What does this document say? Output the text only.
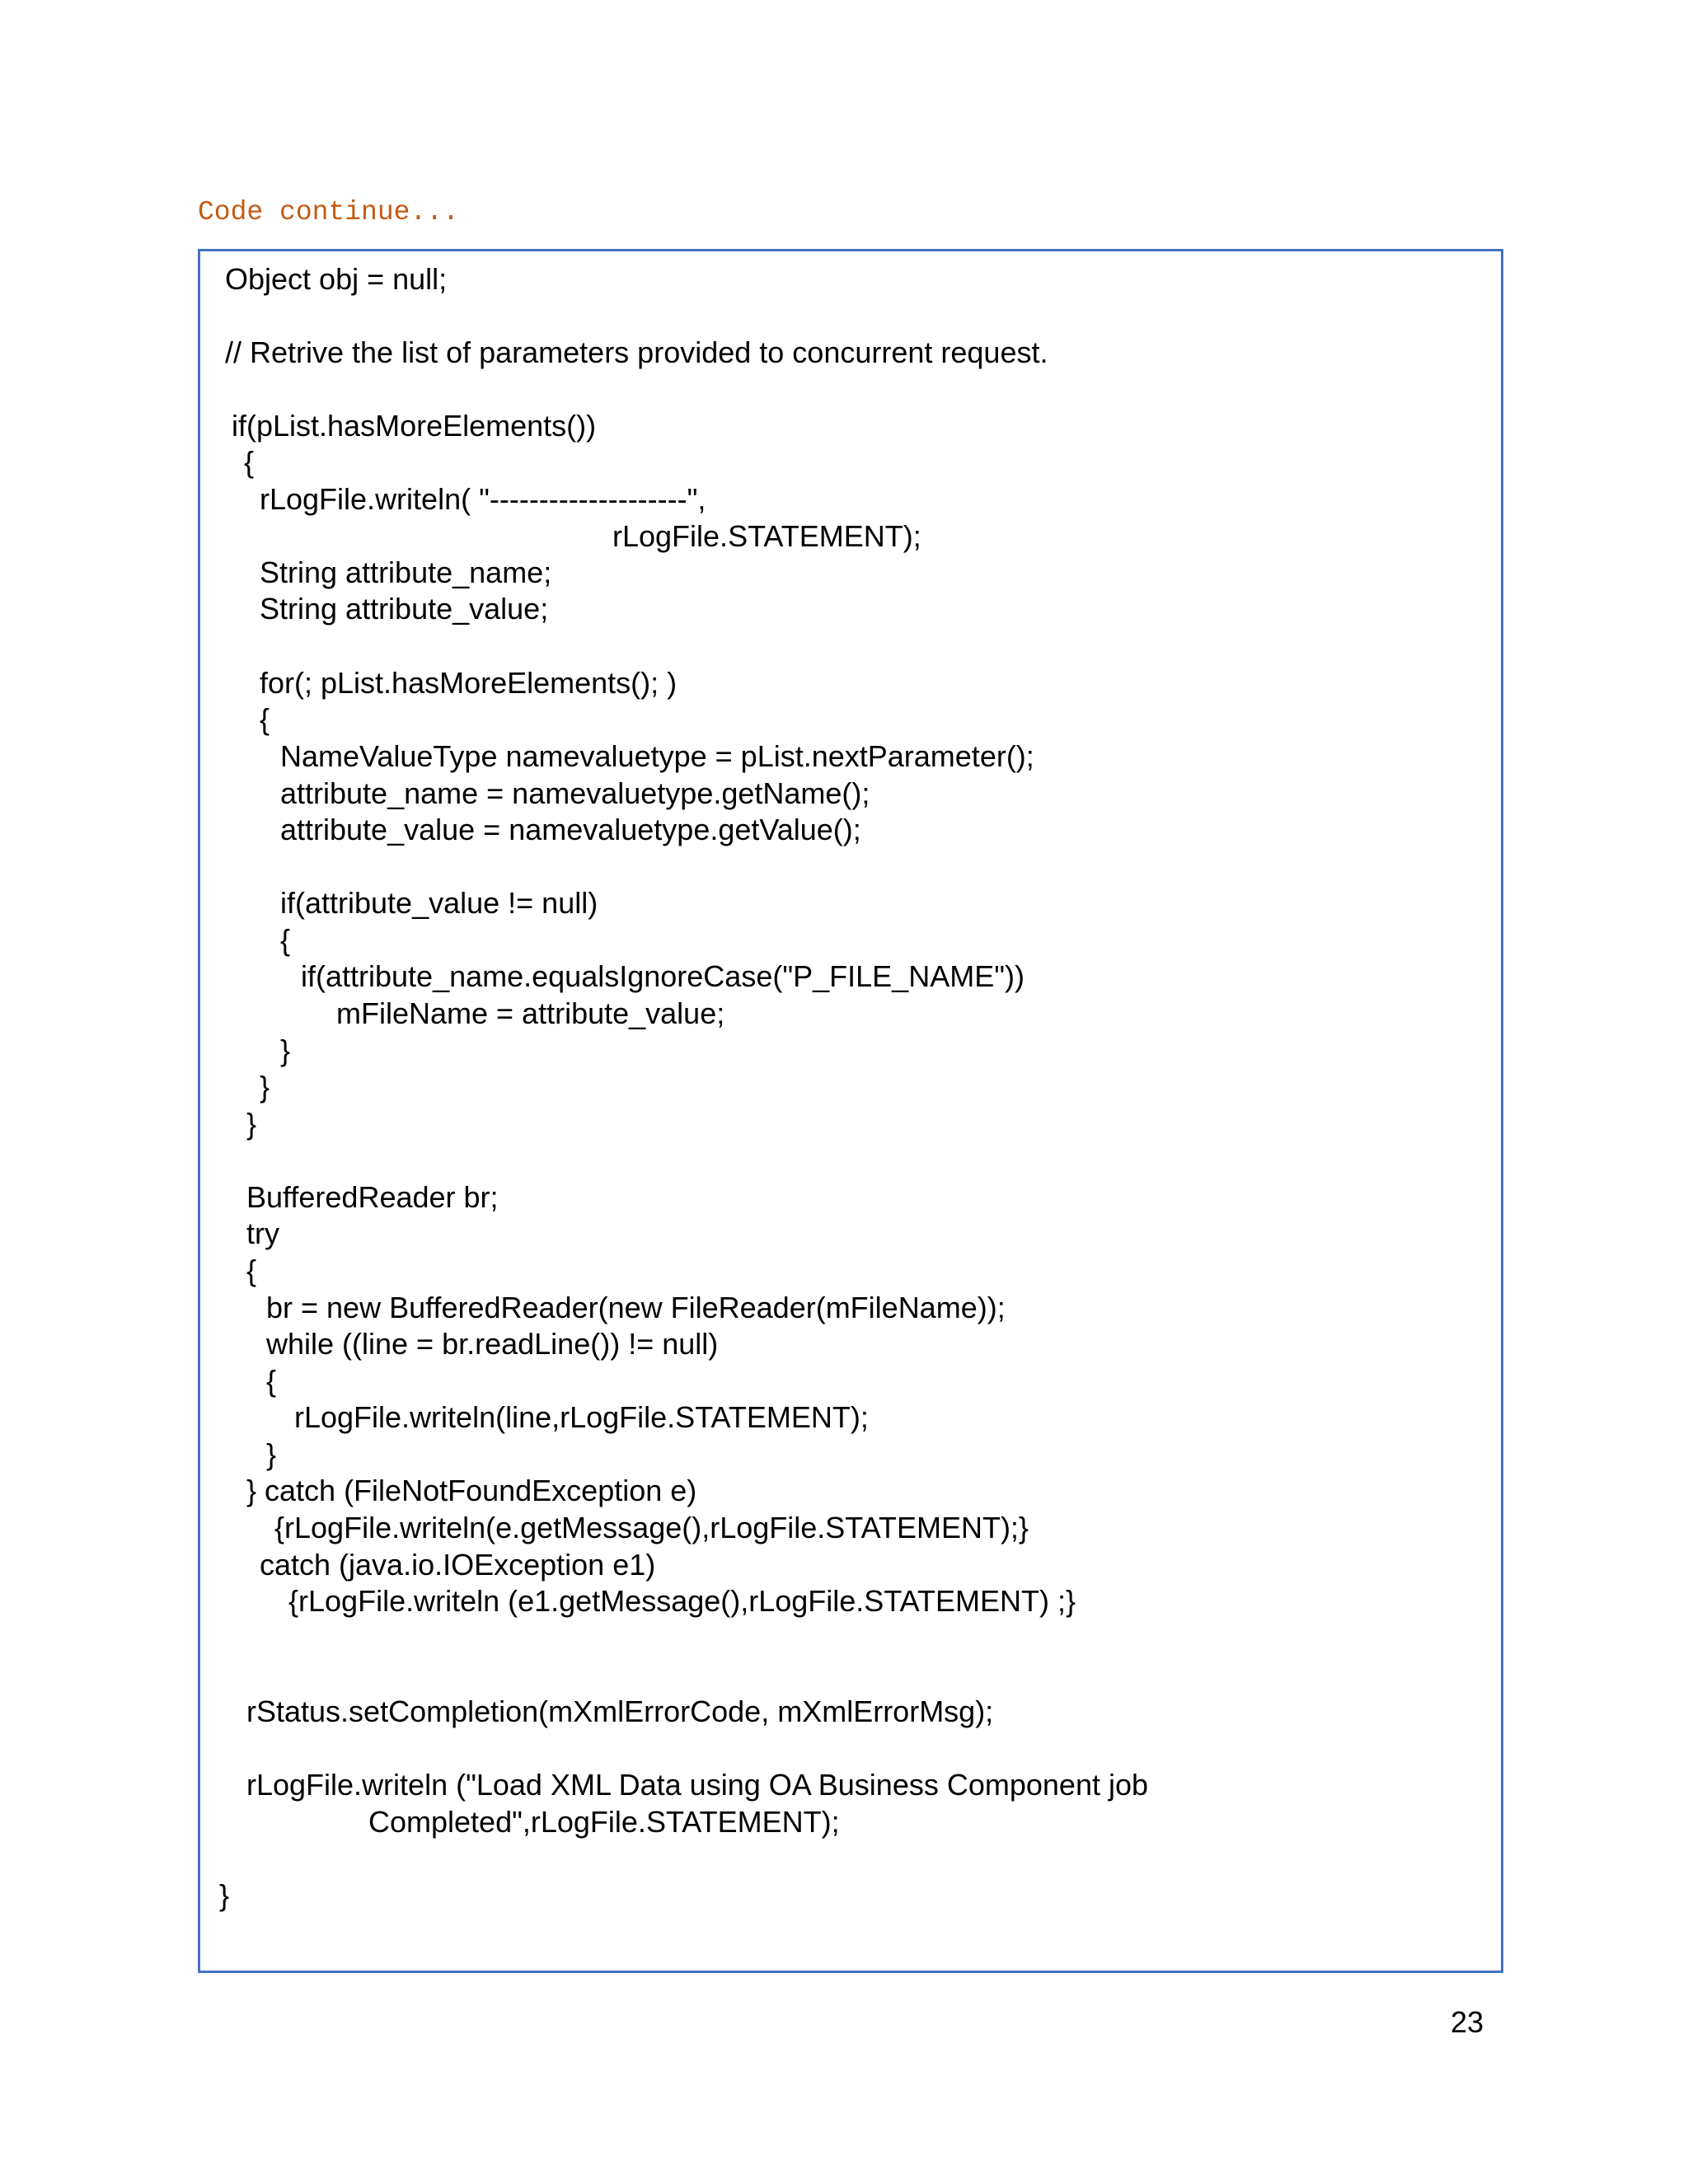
Code continue...
Object obj = null;
// Retrive the list of parameters provided to concurrent request.
if(pList.hasMoreElements())
{
rLogFile.writeln( "--------------------",
rLogFile.STATEMENT);
String attribute_name;
String attribute_value;
for(; pList.hasMoreElements(); )
{
NameValueType namevaluetype = pList.nextParameter();
attribute_name = namevaluetype.getName();
attribute_value = namevaluetype.getValue();
if(attribute_value != null)
{
if(attribute_name.equalsIgnoreCase("P_FILE_NAME"))
mFileName = attribute_value;
}
}
}
BufferedReader br;
try
{
br = new BufferedReader(new FileReader(mFileName));
while ((line = br.readLine()) != null)
{
rLogFile.writeln(line,rLogFile.STATEMENT);
}
} catch (FileNotFoundException e)
{rLogFile.writeln(e.getMessage(),rLogFile.STATEMENT);}
catch (java.io.IOException e1)
{rLogFile.writeln (e1.getMessage(),rLogFile.STATEMENT) ;}
rStatus.setCompletion(mXmlErrorCode, mXmlErrorMsg);
rLogFile.writeln ("Load XML Data using OA Business Component job
Completed",rLogFile.STATEMENT);
}
23
